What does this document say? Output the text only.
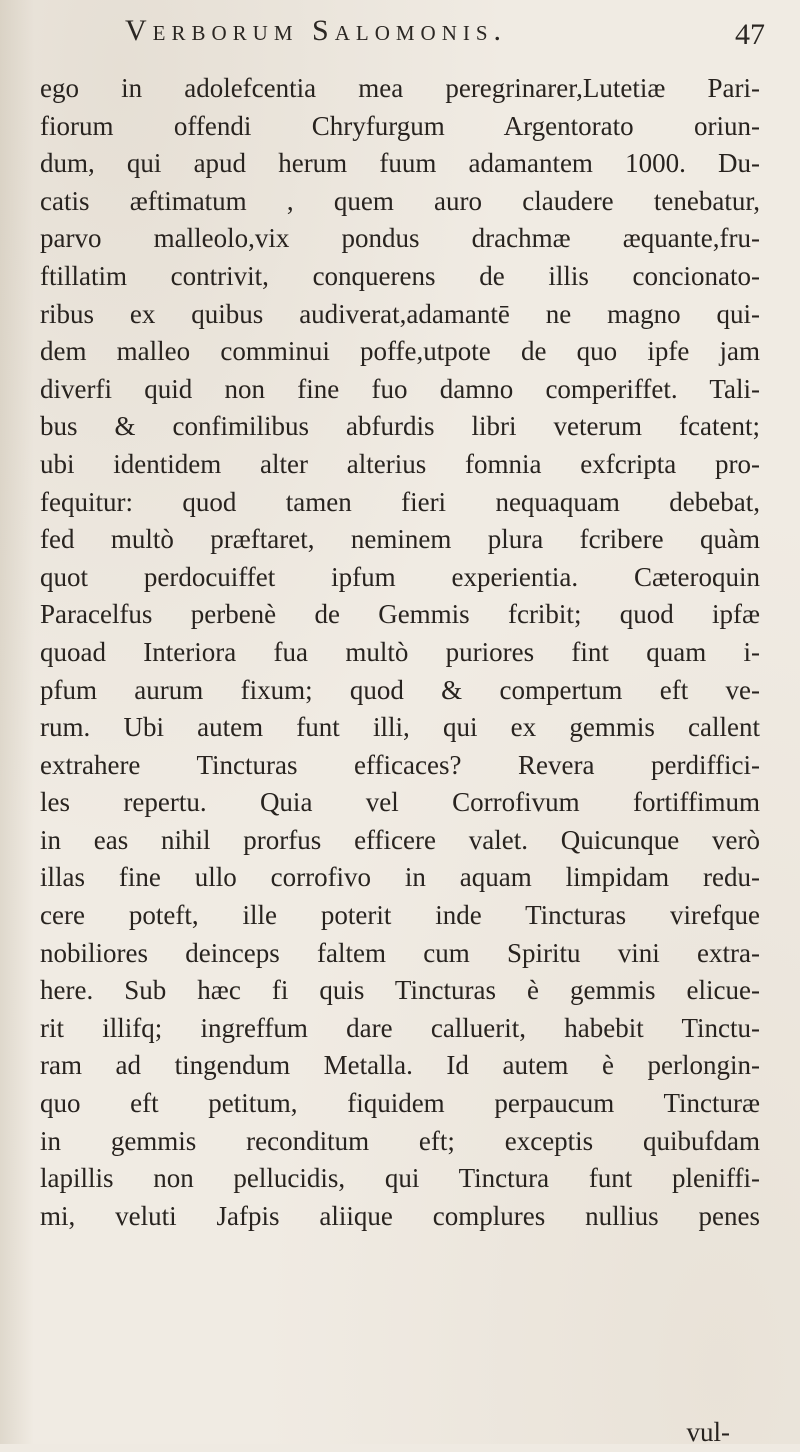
Verborum Salomonis.	47
ego in adolefcentia mea peregrinarer,Lutetiæ Pari-
fiorum offendi Chryfurgum Argentorato oriun-
dum, qui apud herum fuum adamantem 1000. Du-
catis æftimatum , quem auro claudere tenebatur,
parvo malleolo,vix pondus drachmæ æquante,fru-
ftillatim contrivit, conquerens de illis concionato-
ribus ex quibus audiverat,adamantē ne magno qui-
dem malleo comminui poffe,utpote de quo ipfe jam
diverfi quid non fine fuo damno comperiffet. Tali-
bus & confimilibus abfurdis libri veterum fcatent;
ubi identidem alter alterius fomnia exfcripta pro-
fequitur: quod tamen fieri nequaquam debebat,
fed multò præftaret, neminem plura fcribere quàm
quot perdocuiffet ipfum experientia. Cæteroquin
Paracelfus perbenè de Gemmis fcribit; quod ipfæ
quoad Interiora fua multò puriores fint quam i-
pfum aurum fixum; quod & compertum eft ve-
rum. Ubi autem funt illi, qui ex gemmis callent
extrahere Tincturas efficaces? Revera perdiffici-
les repertu. Quia vel Corrofivum fortiffimum
in eas nihil prorfus efficere valet. Quicunque verò
illas fine ullo corrofivo in aquam limpidam redu-
cere poteft, ille poterit inde Tincturas virefque
nobiliores deinceps faltem cum Spiritu vini extra-
here. Sub hæc fi quis Tincturas è gemmis elicue-
rit illifq; ingreffum dare calluerit, habebit Tinctu-
ram ad tingendum Metalla. Id autem è perlongin-
quo eft petitum, fiquidem perpaucum Tincturæ
in gemmis reconditum eft; exceptis quibufdam
lapillis non pellucidis, qui Tinctura funt pleniffi-
mi, veluti Jafpis aliique complures nullius penes
vul-
